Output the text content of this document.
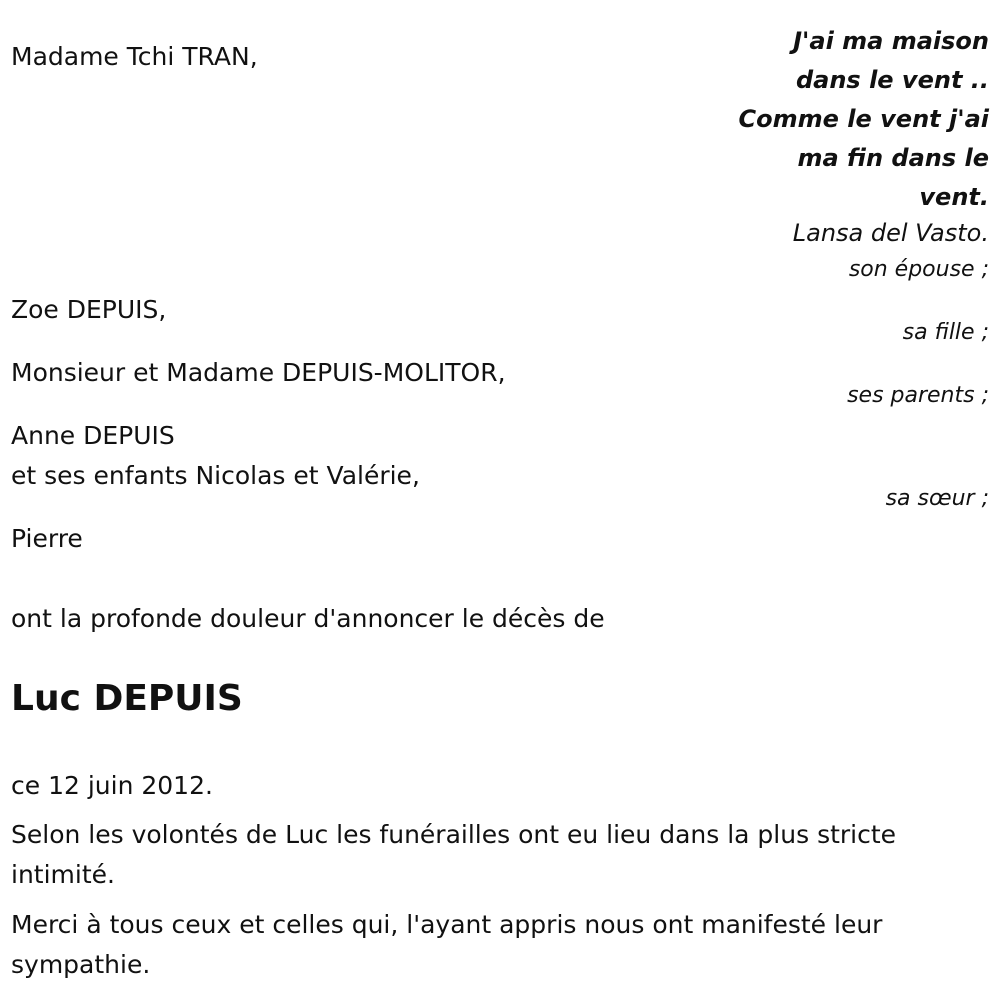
J'ai ma maison
dans le vent ..
Comme le vent j'ai
ma fin dans le
vent.
Lansa del Vasto.
son épouse ;
sa fille ;
ses parents ;
sa sœur ;
Madame Tchi TRAN,
Zoe DEPUIS,
Monsieur et Madame DEPUIS-MOLITOR,
Anne DEPUIS
et ses enfants Nicolas et Valérie,
Pierre
ont la profonde douleur d'annoncer le décès de
Luc DEPUIS
ce 12 juin 2012.
Selon les volontés de Luc les funérailles ont eu lieu dans la plus stricte
intimité.
Merci à tous ceux et celles qui, l'ayant appris nous ont manifesté leur
sympathie.
